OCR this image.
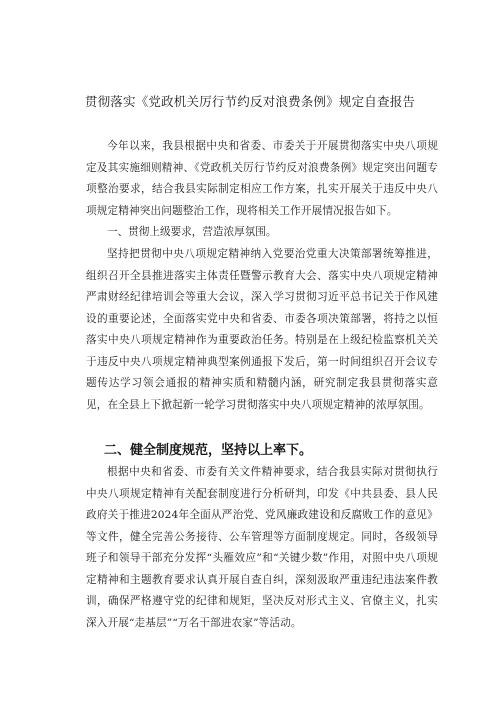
贯彻落实《党政机关厉行节约反对浪费条例》规定自查报告

今年以来，我县根据中央和省委、市委关于开展贯彻落实中央八项规定及其实施细则精神、《党政机关厉行节约反对浪费条例》规定突出问题专项整治要求，结合我县实际制定相应工作方案，扎实开展关于违反中央八项规定精神突出问题整治工作，现将相关工作开展情况报告如下。

一、贯彻上级要求，营造浓厚氛围。

坚持把贯彻中央八项规定精神纳入党要治党重大决策部署统筹推进，组织召开全县推进落实主体责任暨警示教育大会、落实中央八项规定精神严肃财经纪律培训会等重大会议，深入学习贯彻习近平总书记关于作风建设的重要论述，全面落实党中央和省委、市委各项决策部署，将持之以恒落实中央八项规定精神作为重要政治任务。特别是在上级纪检监察机关关于违反中央八项规定精神典型案例通报下发后，第一时间组织召开会议专题传达学习领会通报的精神实质和精髓内涵，研究制定我县贯彻落实意见，在全县上下掀起新一轮学习贯彻落实中央八项规定精神的浓厚氛围。

二、健全制度规范，坚持以上率下。

根据中央和省委、市委有关文件精神要求，结合我县实际对贯彻执行中央八项规定精神有关配套制度进行分析研判，印发《中共县委、县人民政府关于推进2024年全面从严治党、党风廉政建设和反腐败工作的意见》等文件，健全完善公务接待、公车管理等方面制度规定。同时，各级领导班子和领导干部充分发挥“头雁效应”和“关键少数”作用，对照中央八项规定精神和主题教育要求认真开展自查自纠，深刻汲取严重违纪违法案件教训，确保严格遵守党的纪律和规矩，坚决反对形式主义、官僚主义，扎实深入开展“走基层”“万名干部进农家”等活动。
